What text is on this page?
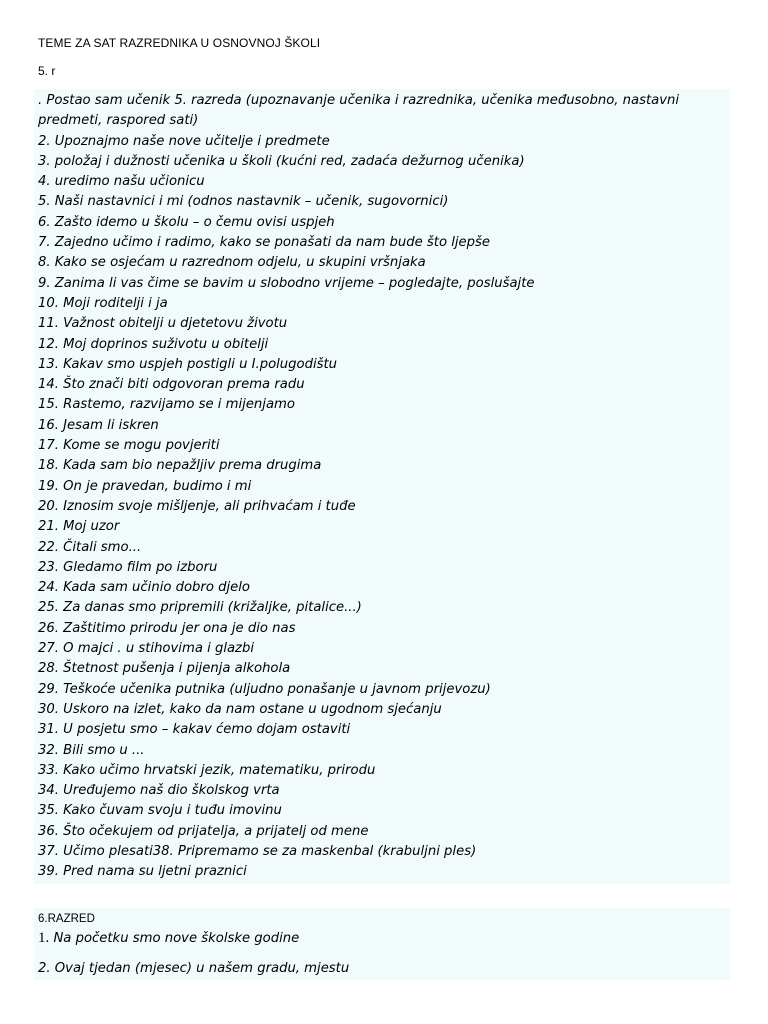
TEME ZA SAT RAZREDNIKA U OSNOVNOJ ŠKOLI
5. r
. Postao sam učenik 5. razreda (upoznavanje učenika i razrednika, učenika međusobno, nastavni predmeti, raspored sati)
2. Upoznajmo naše nove učitelje i predmete
3. položaj i dužnosti učenika u školi (kućni red, zadaća dežurnog učenika)
4. uredimo našu učionicu
5. Naši nastavnici i mi (odnos nastavnik – učenik, sugovornici)
6. Zašto idemo u školu – o čemu ovisi uspjeh
7. Zajedno učimo i radimo, kako se ponašati da nam bude što ljepše
8. Kako se osjećam u razrednom odjelu, u skupini vršnjaka
9. Zanima li vas čime se bavim u slobodno vrijeme – pogledajte, poslušajte
10. Moji roditelji i ja
11. Važnost obitelji u djetetovu životu
12. Moj doprinos suživotu u obitelji
13. Kakav smo uspjeh postigli u I.polugodištu
14. Što znači biti odgovoran prema radu
15. Rastemo, razvijamo se i mijenjamo
16. Jesam li iskren
17. Kome se mogu povjeriti
18. Kada sam bio nepažljiv prema drugima
19. On je pravedan, budimo i mi
20. Iznosim svoje mišljenje, ali prihvaćam i tuđe
21. Moj uzor
22. Čitali smo...
23. Gledamo film po izboru
24. Kada sam učinio dobro djelo
25. Za danas smo pripremili (križaljke, pitalice...)
26. Zaštitimo prirodu jer ona je dio nas
27. O majci . u stihovima i glazbi
28. Štetnost pušenja i pijenja alkohola
29. Teškoće učenika putnika (uljudno ponašanje u javnom prijevozu)
30. Uskoro na izlet, kako da nam ostane u ugodnom sjećanju
31. U posjetu smo – kakav ćemo dojam ostaviti
32. Bili smo u ...
33. Kako učimo hrvatski jezik, matematiku, prirodu
34. Uređujemo naš dio školskog vrta
35. Kako čuvam svoju i tuđu imovinu
36. Što očekujem od prijatelja, a prijatelj od mene
37. Učimo plesati38. Pripremamo se za maskenbal (krabuljni ples)
39. Pred nama su ljetni praznici
6.RAZRED
1. Na početku smo nove školske godine
2. Ovaj tjedan (mjesec) u našem gradu, mjestu
